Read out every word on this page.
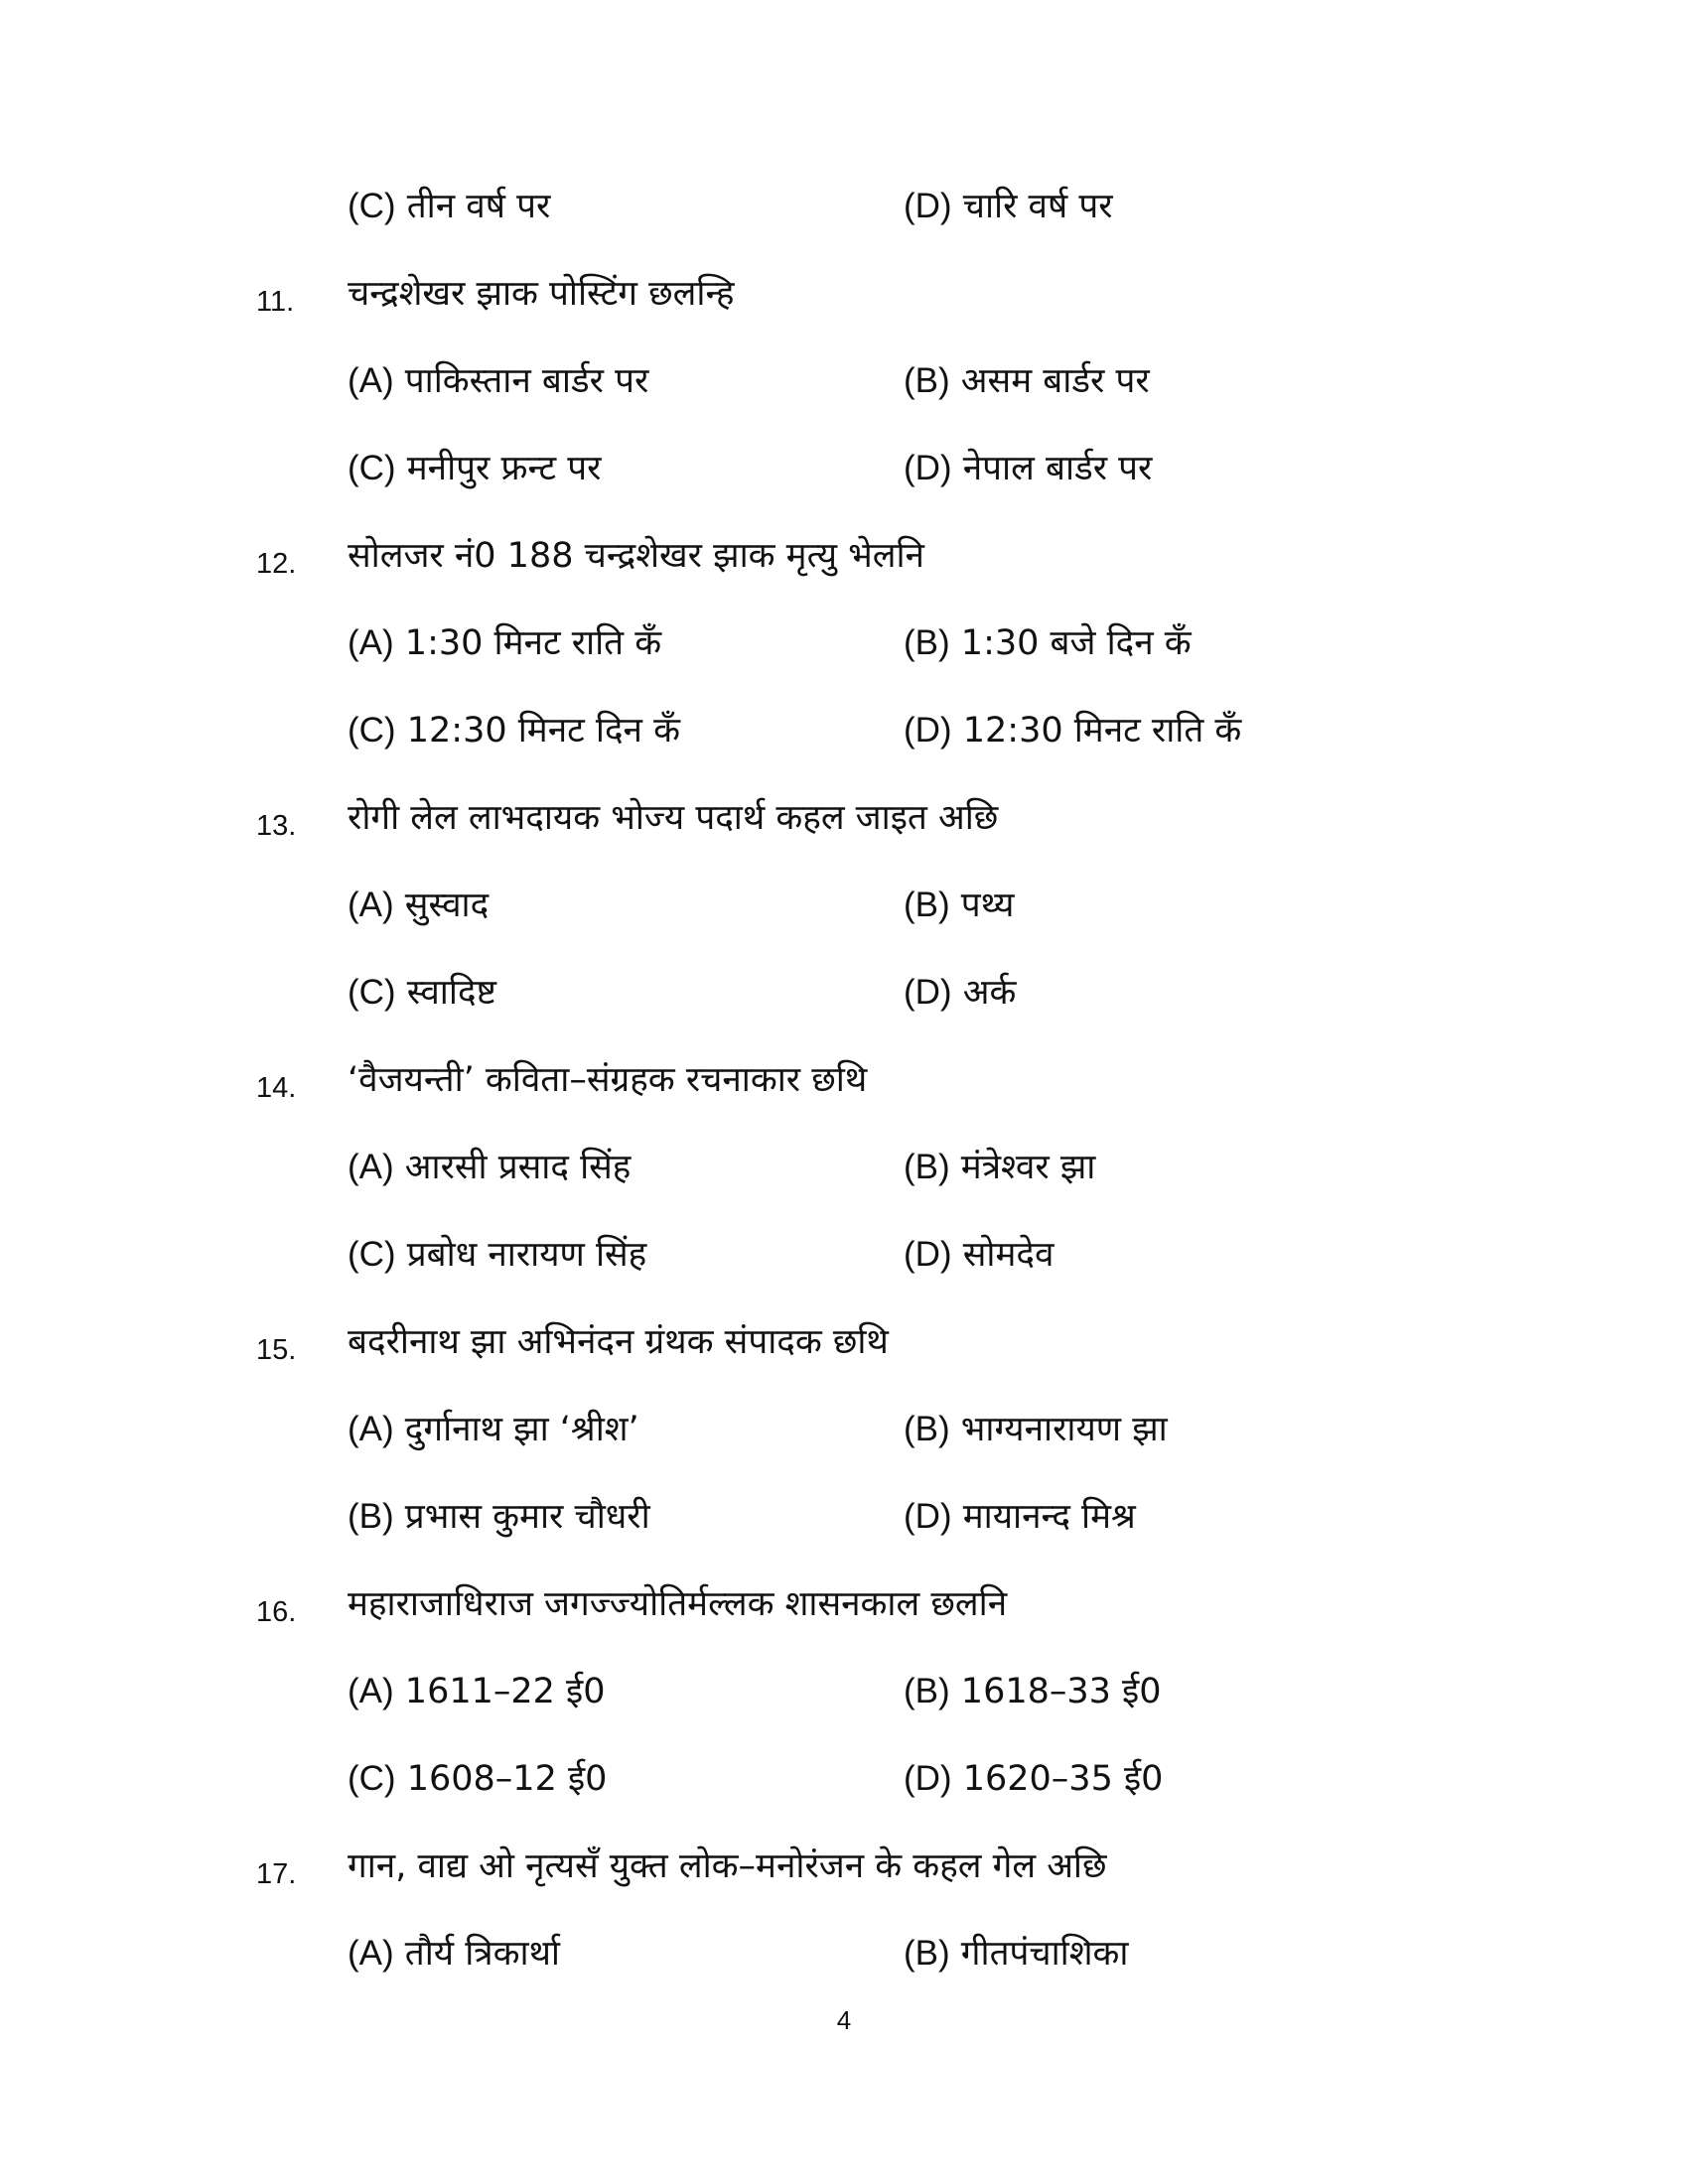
(C) तीन वर्ष पर	(D) चारि वर्ष पर
11. चन्द्रशेखर झाक पोस्टिंग छलन्हि
(A) पाकिस्तान बार्डर पर	(B) असम बार्डर पर
(C) मनीपुर फ्रन्ट पर	(D) नेपाल बार्डर पर
12. सोलजर नं0 188 चन्द्रशेखर झाक मृत्यु भेलनि
(A) 1:30 मिनट राति कँ	(B) 1:30 बजे दिन कँ
(C) 12:30 मिनट दिन कँ	(D) 12:30 मिनट राति कँ
13. रोगी लेल लाभदायक भोज्य पदार्थ कहल जाइत अछि
(A) सुस्वाद	(B) पथ्य
(C) स्वादिष्ट	(D) अर्क
14. ‘वैजयन्ती’ कविता–संग्रहक रचनाकार छथि
(A) आरसी प्रसाद सिंह	(B) मंत्रेश्वर झा
(C) प्रबोध नारायण सिंह	(D) सोमदेव
15. बदरीनाथ झा अभिनंदन ग्रंथक संपादक छथि
(A) दुर्गानाथ झा ‘श्रीश’	(B) भाग्यनारायण झा
(B) प्रभास कुमार चौधरी	(D) मायानन्द मिश्र
16. महाराजाधिराज जगज्ज्योतिर्मल्लक शासनकाल छलनि
(A) 1611–22 ई0	(B) 1618–33 ई0
(C) 1608–12 ई0	(D) 1620–35 ई0
17. गान, वाद्य ओ नृत्यसँ युक्त लोक–मनोरंजन के कहल गेल अछि
(A) तौर्य त्रिकार्था	(B) गीतपंचाशिका
4
